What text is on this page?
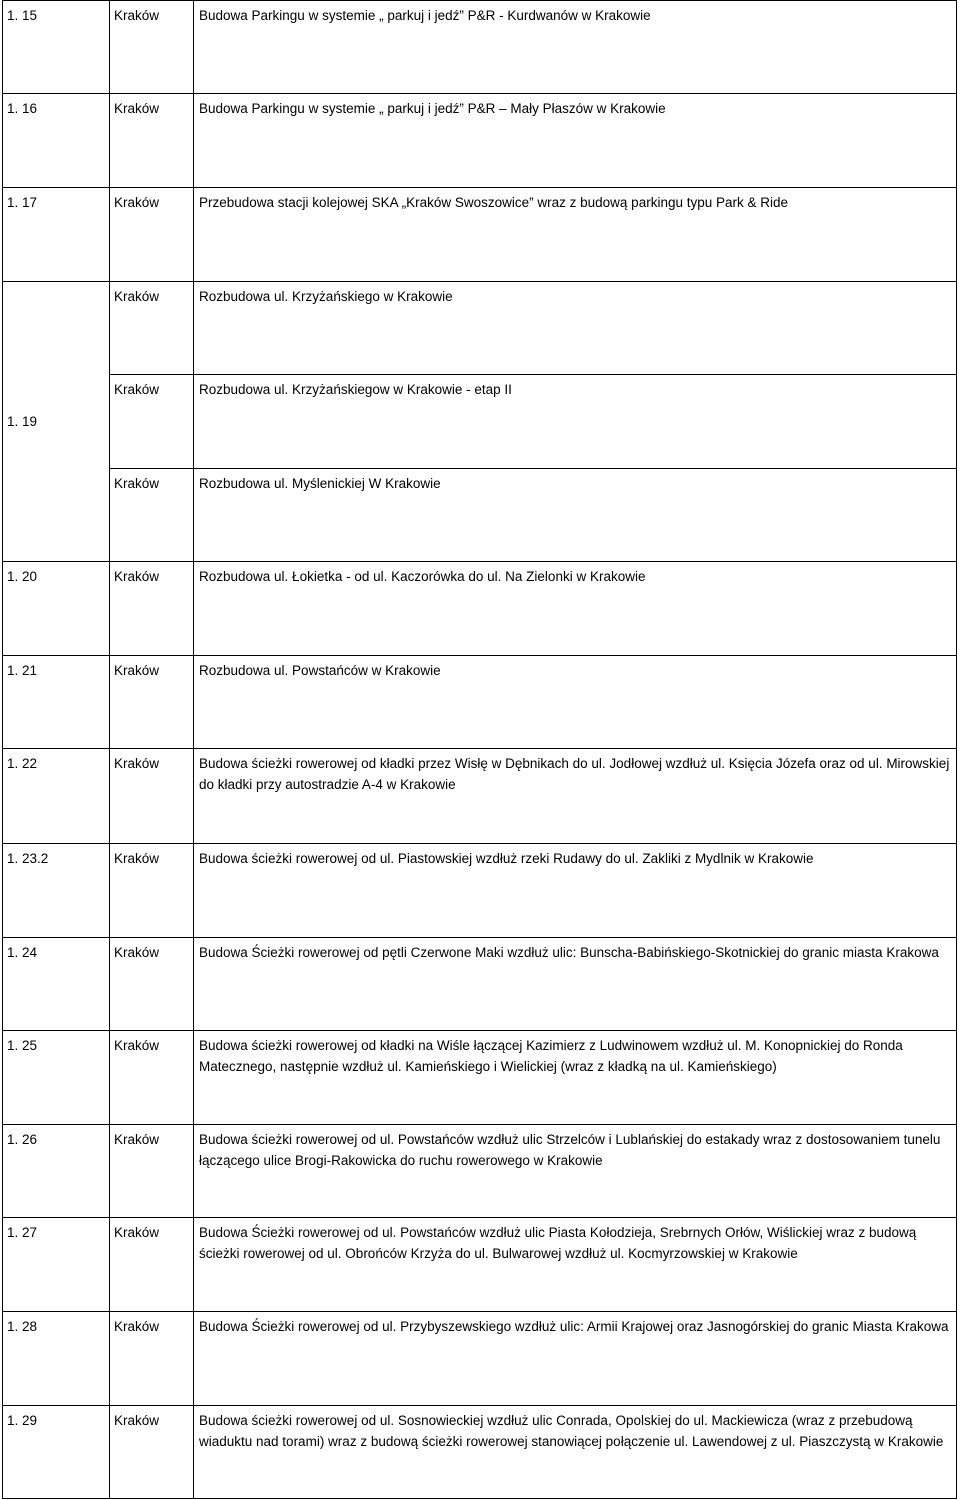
1. 15	Kraków	Budowa Parkingu w systemie „ parkuj i jedź” P&R - Kurdwanów w Krakowie
1. 16	Kraków	Budowa Parkingu w systemie „ parkuj i jedź” P&R – Mały Płaszów w Krakowie
1. 17	Kraków	Przebudowa stacji kolejowej SKA „Kraków Swoszowice” wraz z budową parkingu typu Park & Ride
1. 19	Kraków	Rozbudowa ul. Krzyżańskiego w Krakowie
	Kraków	Rozbudowa ul. Krzyżańskiegow w Krakowie - etap II
	Kraków	Rozbudowa ul. Myślenickiej W Krakowie
1. 20	Kraków	Rozbudowa ul. Łokietka - od ul. Kaczorówka do ul. Na Zielonki w Krakowie
1. 21	Kraków	Rozbudowa ul. Powstańców w Krakowie
1. 22	Kraków	Budowa ścieżki rowerowej od kładki przez Wisłę w Dębnikach do ul. Jodłowej wzdłuż ul. Księcia Józefa oraz od ul. Mirowskiej do kładki przy autostradzie A-4 w Krakowie
1. 23.2	Kraków	Budowa ścieżki rowerowej od ul. Piastowskiej wzdłuż rzeki Rudawy do ul. Zakliki z Mydlnik w Krakowie
1. 24	Kraków	Budowa Ścieżki rowerowej od pętli Czerwone Maki wzdłuż ulic: Bunscha-Babińskiego-Skotnickiej do granic miasta Krakowa
1. 25	Kraków	Budowa ścieżki rowerowej od kładki na Wiśle łączącej Kazimierz z Ludwinowem wzdłuż ul. M. Konopnickiej do Ronda Matecznego, następnie wzdłuż ul. Kamieńskiego i Wielickiej (wraz z kładką na ul. Kamieńskiego)
1. 26	Kraków	Budowa ścieżki rowerowej od ul. Powstańców wzdłuż ulic Strzelców i Lublańskiej do estakady wraz z dostosowaniem tunelu łączącego ulice Brogi-Rakowicka do ruchu rowerowego w Krakowie
1. 27	Kraków	Budowa Ścieżki rowerowej od ul. Powstańców wzdłuż ulic Piasta Kołodzieja, Srebrnych Orłów, Wiślickiej wraz z budową ścieżki rowerowej od ul. Obrońców Krzyża do ul. Bulwarowej wzdłuż ul. Kocmyrzowskiej w Krakowie
1. 28	Kraków	Budowa Ścieżki rowerowej od ul. Przybyszewskiego wzdłuż ulic: Armii Krajowej oraz Jasnogórskiej do granic Miasta Krakowa
1. 29	Kraków	Budowa ścieżki rowerowej od ul. Sosnowieckiej wzdłuż ulic Conrada, Opolskiej do ul. Mackiewicza (wraz z przebudową wiaduktu nad torami) wraz z budową ścieżki rowerowej stanowiącej połączenie ul. Lawendowej z ul. Piaszczystą w Krakowie
